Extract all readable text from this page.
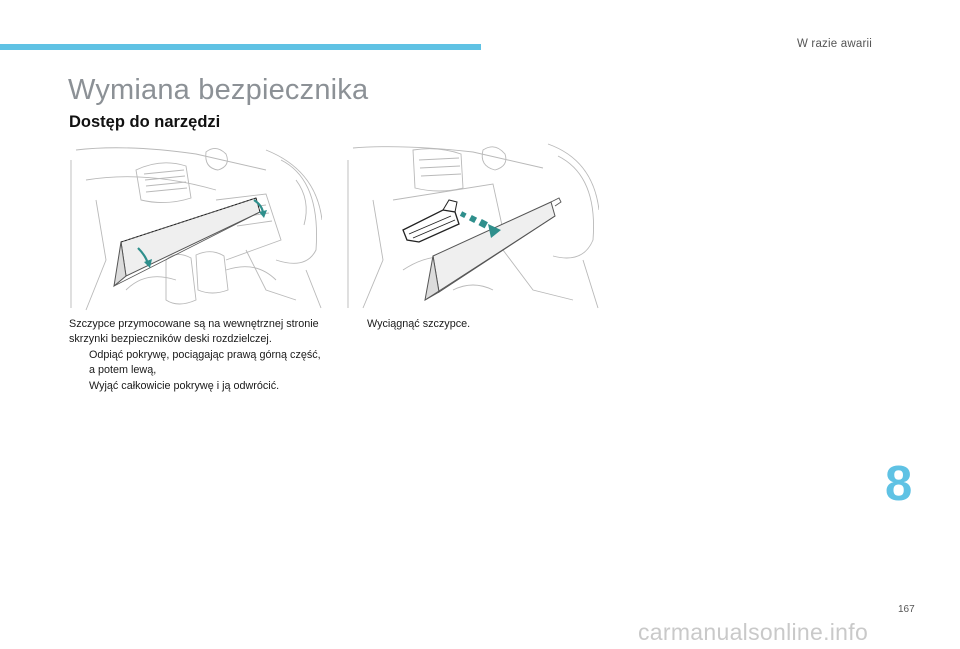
W razie awarii
Wymiana bezpiecznika
Dostęp do narzędzi

Szczypce przymocowane są na wewnętrznej stronie skrzynki bezpieczników deski rozdzielczej.

Odpiąć pokrywę, pociągając prawą górną część, a potem lewą,
Wyjąć całkowicie pokrywę i ją odwrócić.
Wyciągnąć szczypce.
8
167
carmanualsonline.info
